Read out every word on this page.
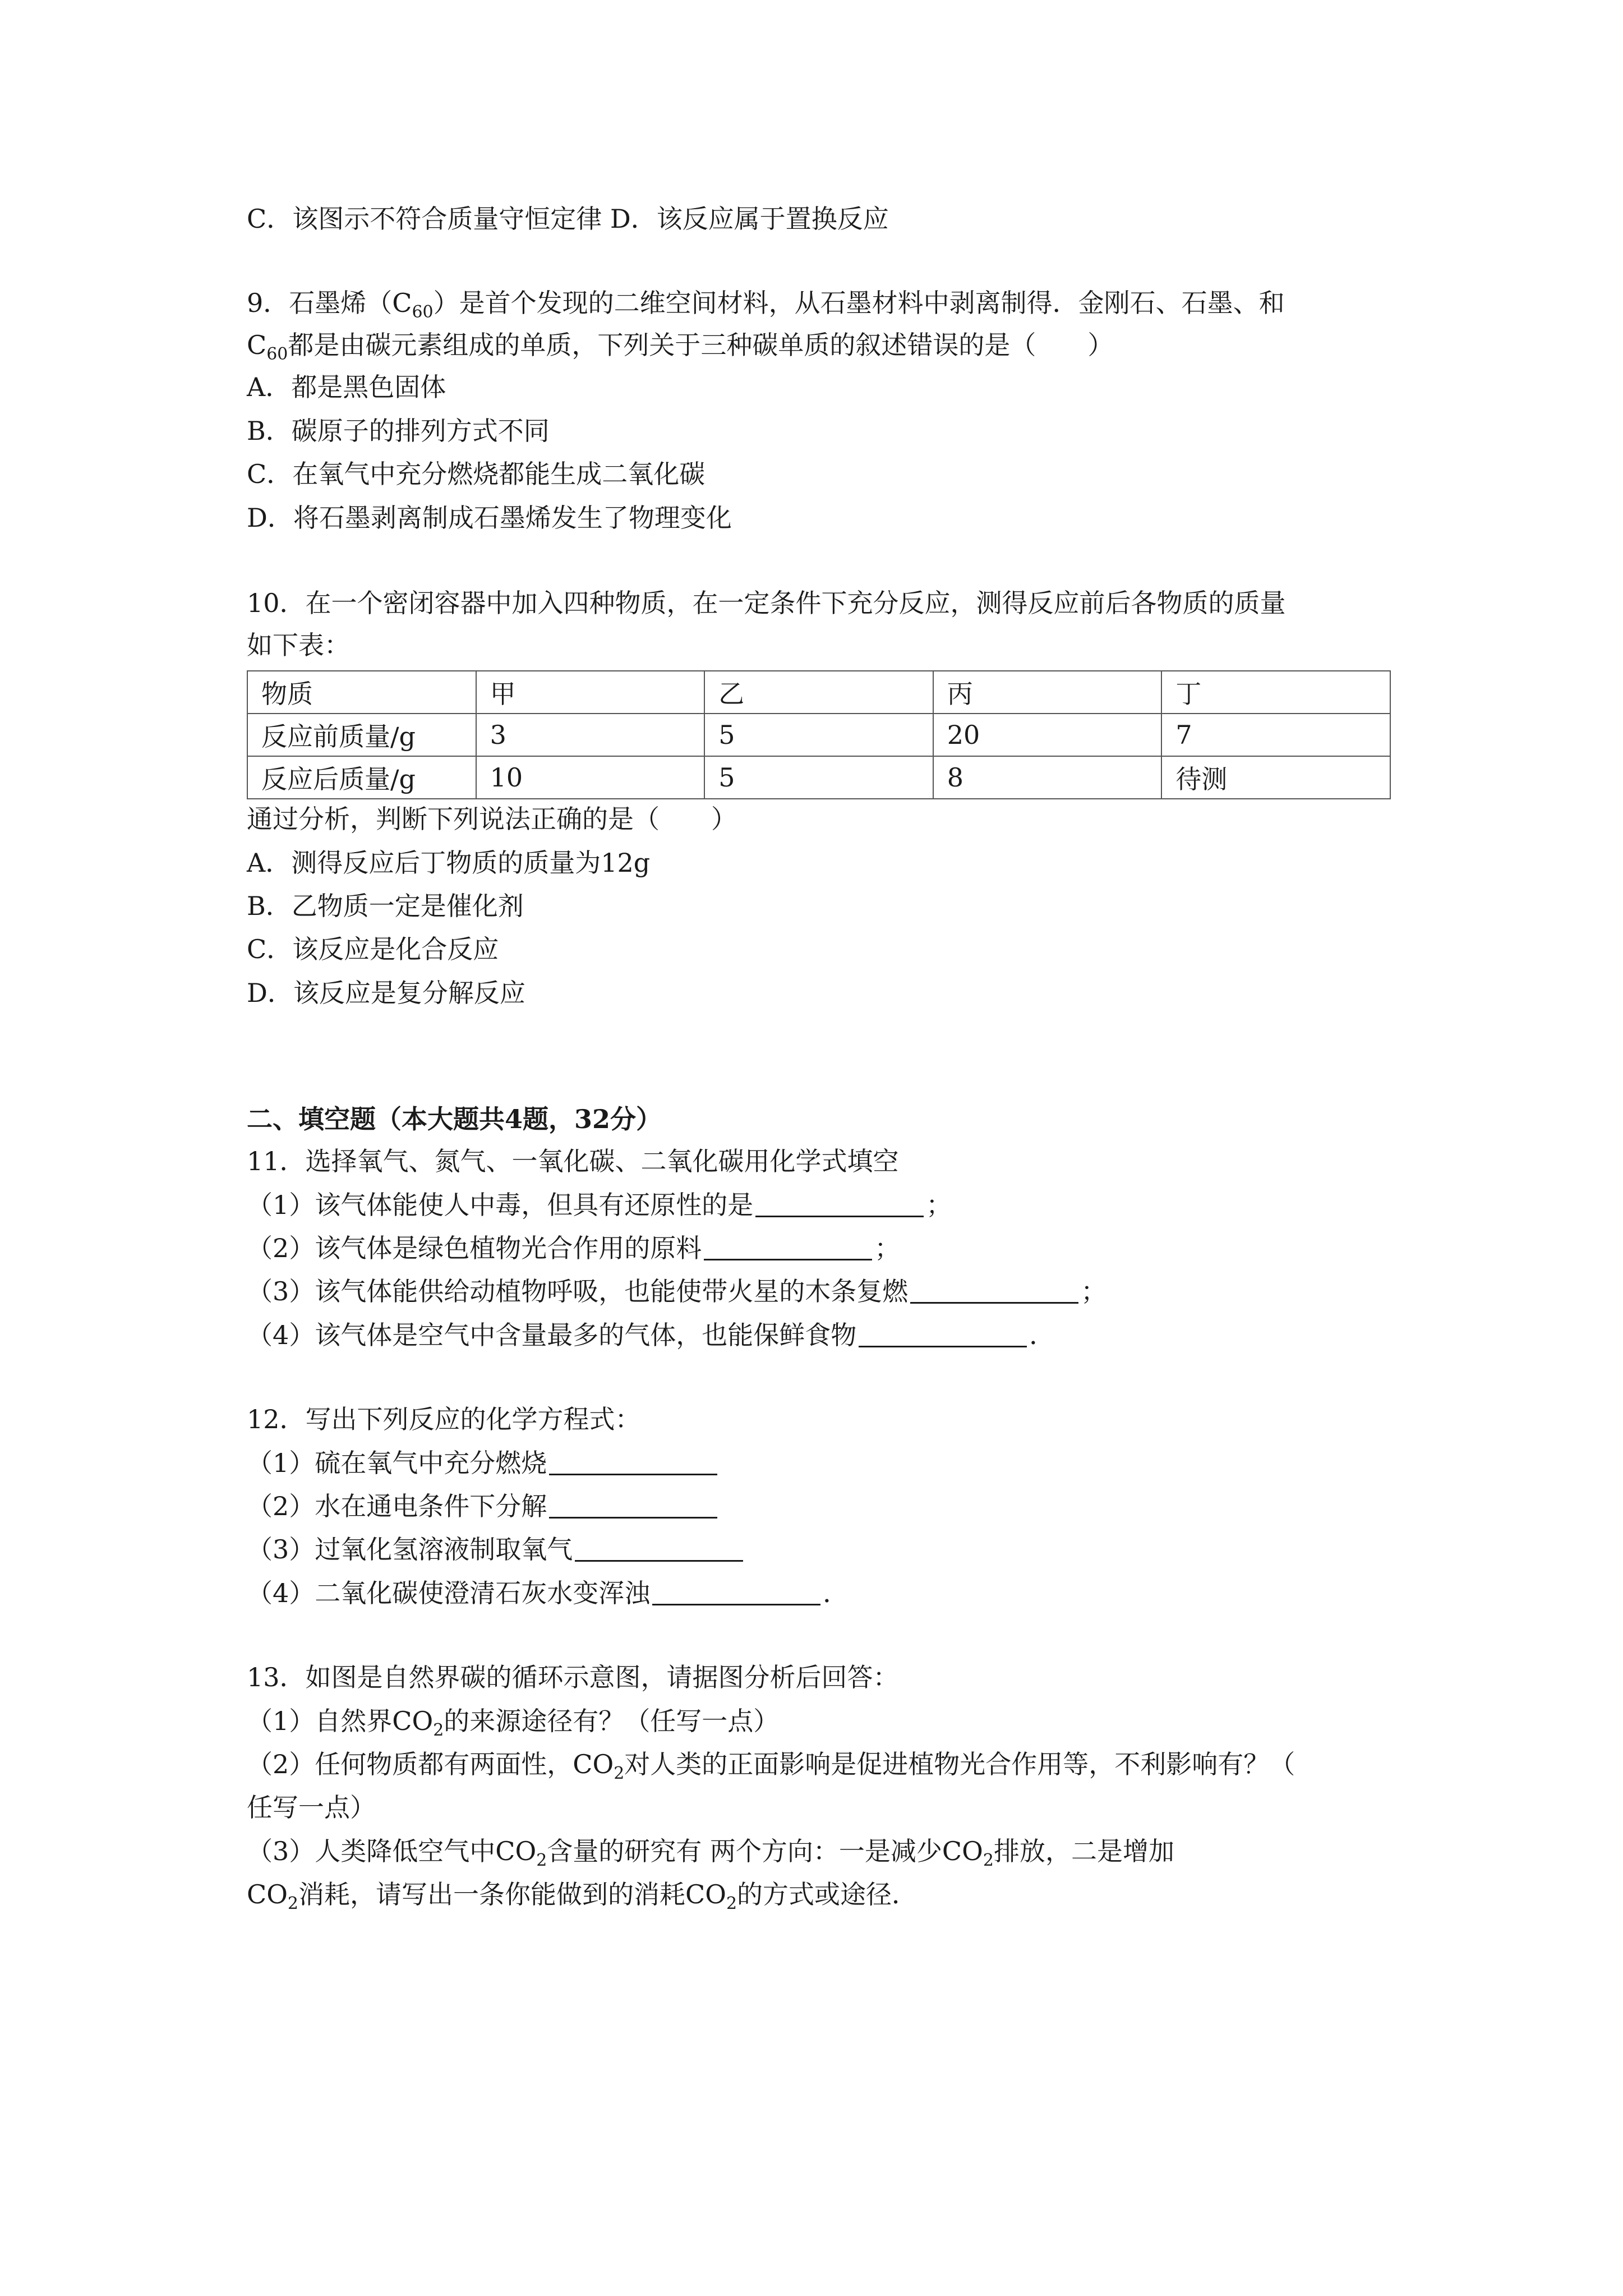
C．该图示不符合质量守恒定律 D．该反应属于置换反应
9．石墨烯$(C_{60})$是首个发现的二维空间材料，从石墨材料中剥离制得．金刚石、石墨、和
$C_{60}$都是由碳元素组成的单质，下列关于三种碳单质的叙述错误的是（　　）
A．都是黑色固体
B．碳原子的排列方式不同
C．在氧气中充分燃烧都能生成二氧化碳
D．将石墨剥离制成石墨烯发生了物理变化
10．在一个密闭容器中加入四种物质，在一定条件下充分反应，测得反应前后各物质的质量
如下表：
物质	甲	乙	丙	丁
反应前质量/g	3	5	20	7
反应后质量/g	10	5	8	待测
通过分析，判断下列说法正确的是（　　）
A．测得反应后丁物质的质量为12g
B．乙物质一定是催化剂
C．该反应是化合反应
D．该反应是复分解反应
二、填空题（本大题共4题，32分）
11．选择氧气、氮气、一氧化碳、二氧化碳用化学式填空
（1）该气体能使人中毒，但具有还原性的是	；
（2）该气体是绿色植物光合作用的原料	；
（3）该气体能供给动植物呼吸，也能使带火星的木条复燃	；
（4）该气体是空气中含量最多的气体，也能保鲜食物	．
12．写出下列反应的化学方程式：
（1）硫在氧气中充分燃烧
（2）水在通电条件下分解
（3）过氧化氢溶液制取氧气
（4）二氧化碳使澄清石灰水变浑浊	．
13．如图是自然界碳的循环示意图，请据图分析后回答：
（1）自然界$CO_2$的来源途径有？（任写一点）
（2）任何物质都有两面性，$CO_2$对人类的正面影响是促进植物光合作用等，不利影响有？（
任写一点）
（3）人类降低空气中$CO_2$含量的研究有 两个方向：一是减少$CO_2$排放，二是增加
$CO_2$消耗，请写出一条你能做到的消耗$CO_2$的方式或途径．
